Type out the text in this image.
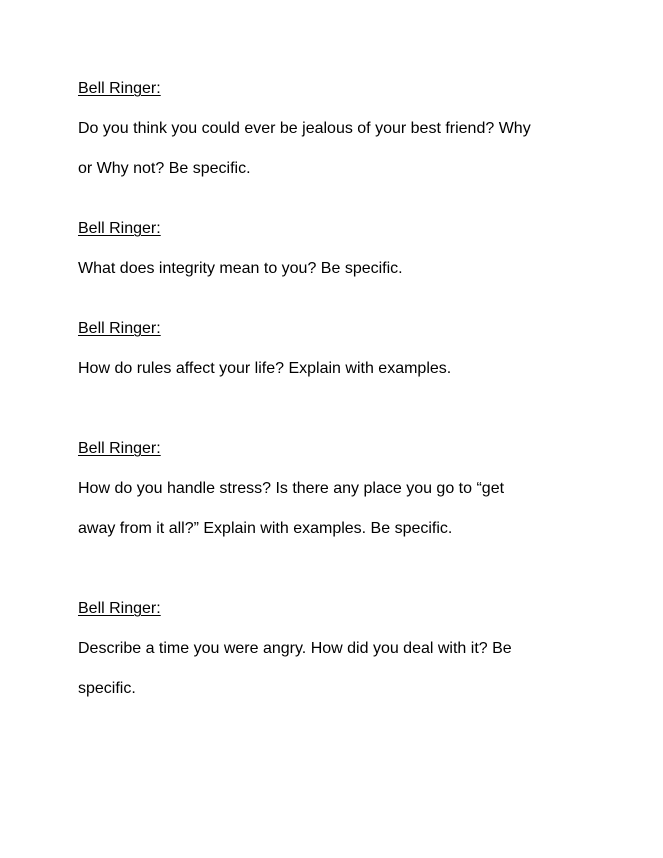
Bell Ringer:
Do you think you could ever be jealous of your best friend? Why
or Why not? Be specific.
Bell Ringer:
What does integrity mean to you? Be specific.
Bell Ringer:
How do rules affect your life? Explain with examples.
Bell Ringer:
How do you handle stress? Is there any place you go to “get
away from it all?” Explain with examples. Be specific.
Bell Ringer:
Describe a time you were angry. How did you deal with it? Be
specific.
